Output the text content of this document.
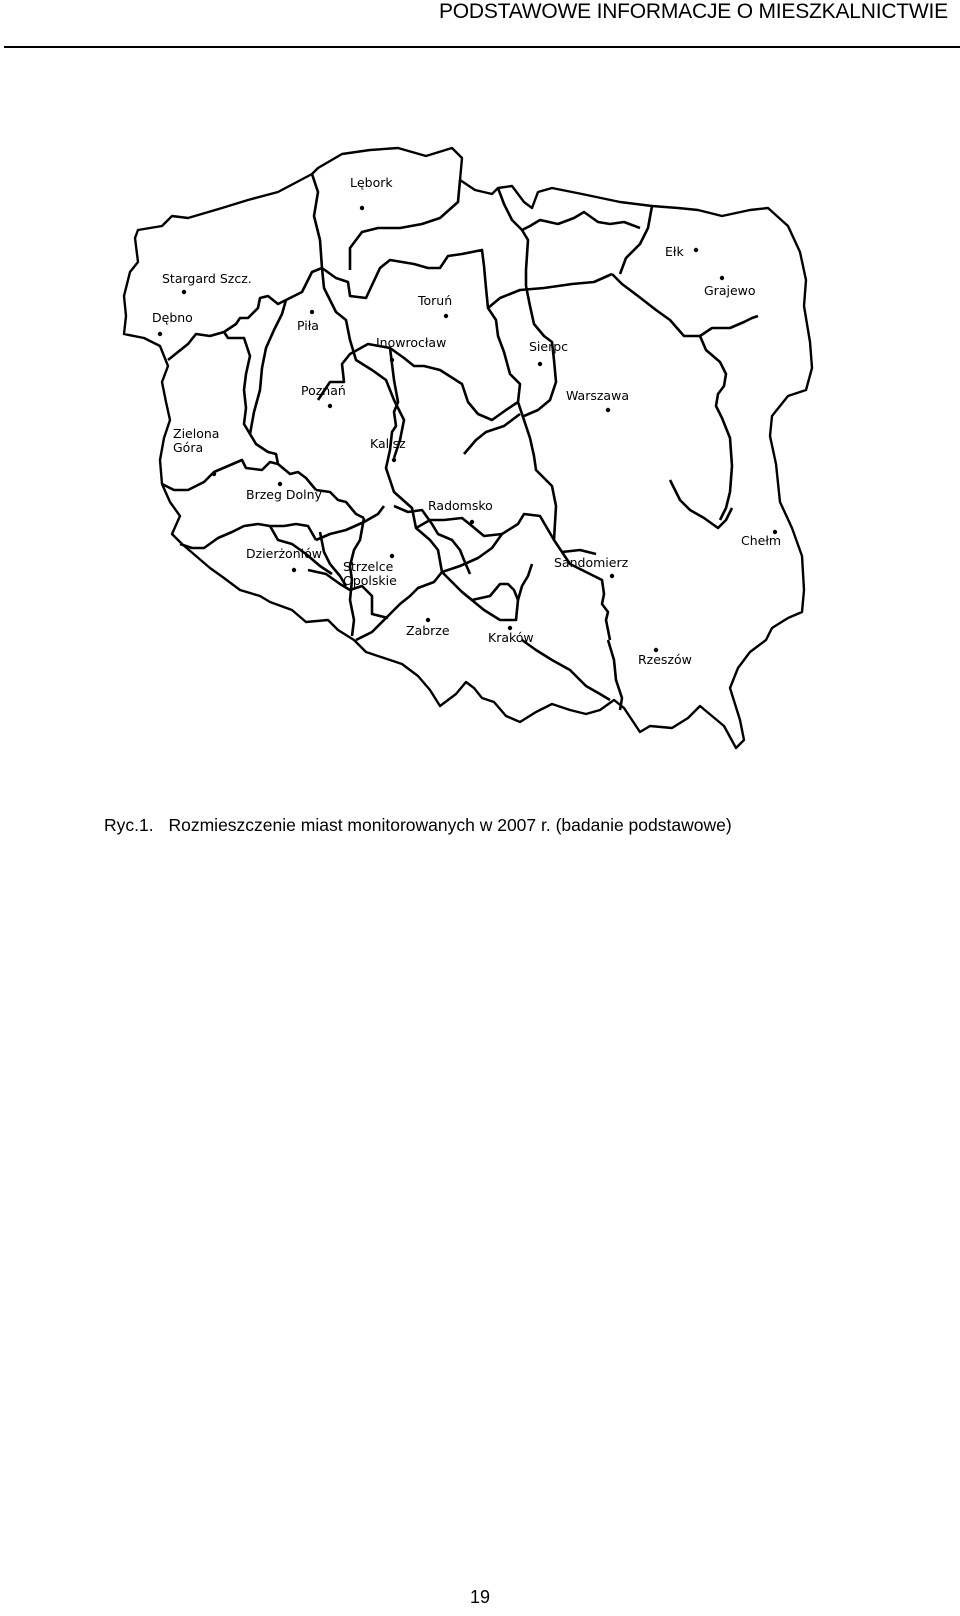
PODSTAWOWE INFORMACJE O MIESZKALNICTWIE
Lębork
Ełk
Grajewo
Stargard Szcz.
Dębno
Piła
Toruń
Inowrocław	Sierpc
Warszawa
Poznań
Zielona Góra	Kalisz
Brzeg Dolny
Radomsko
Chełm
Dzierżoniów
Strzelce Opolskie
Sandomierz
Zabrze	Kraków
Rzeszów
Ryc.1. Rozmieszczenie miast monitorowanych w 2007 r. (badanie podstawowe)
19
